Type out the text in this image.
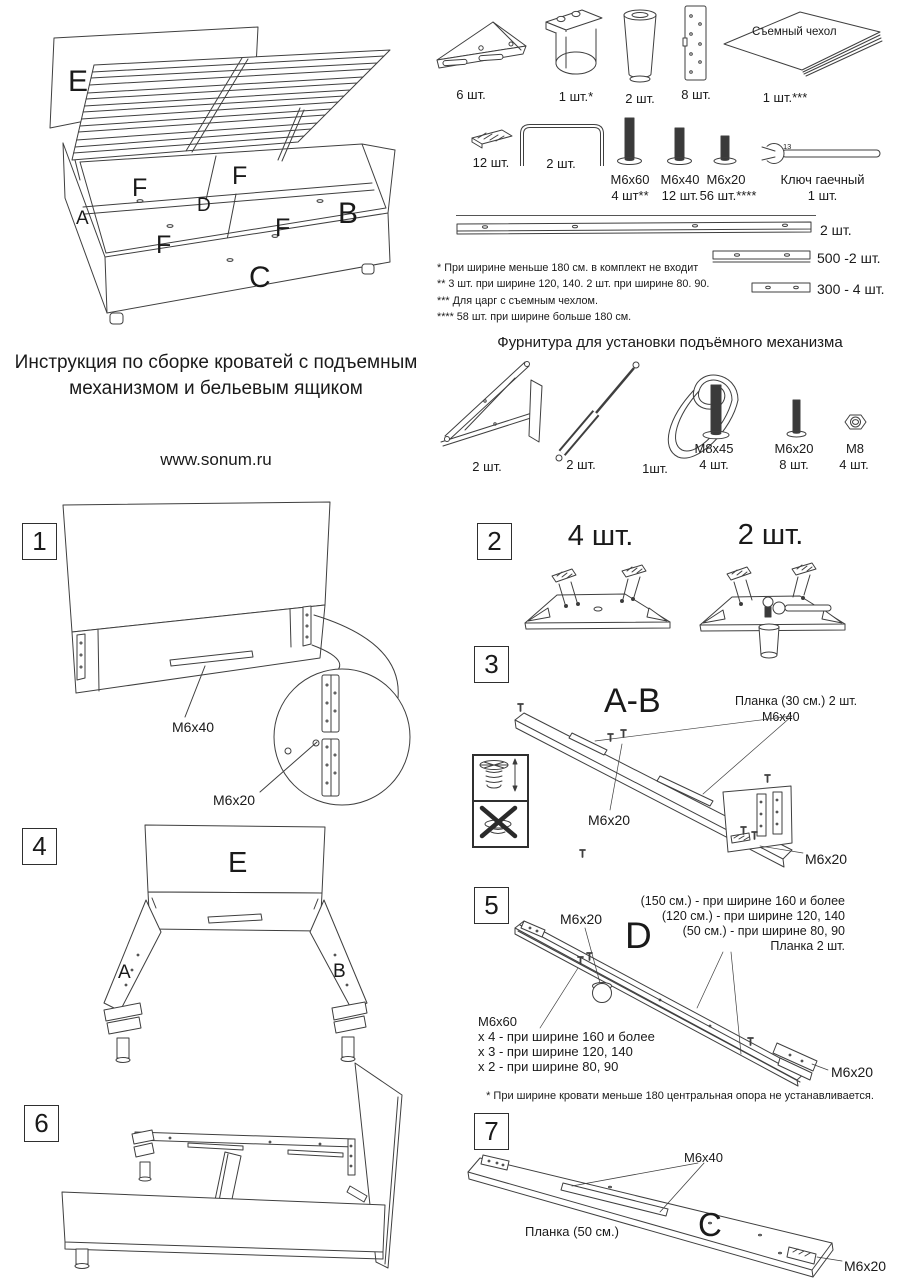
E
F	F
D
A	B
F
F
C
Инструкция по сборке кроватей с подъемным
механизмом и бельевым ящиком
www.sonum.ru
6 шт.	1 шт.*	2 шт.	8 шт.
Съемный чехол
1 шт.***
12 шт.	2 шт.
M6x60
4 шт**
M6x40
12 шт.
M6x20
56 шт.****
13
Ключ гаечный
1 шт.
2 шт.
500 -2 шт.
300 - 4 шт.
* При ширине меньше 180 см. в комплект не входит
** 3 шт. при ширине 120, 140. 2 шт. при ширине 80. 90.
*** Для царг с съемным чехлом.
**** 58 шт. при ширине больше 180 см.
Фурнитура для установки подъёмного механизма
2 шт.	2 шт.	1шт.
M8x45
4 шт.
M6x20
8 шт.
M8
4 шт.
1
M6x40
M6x20
2	4 шт.	2 шт.
3
A-B	Планка (30 см.) 2 шт.
M6x40
M6x20
M6x20
4
E
A	B
5	M6x20 D
(150 см.) - при ширине 160 и более
(120 см.) - при ширине 120, 140
(50 см.) - при ширине 80, 90
Планка 2 шт.
M6x60
х 4 - при ширине 160 и более
х 3 - при ширине 120, 140
х 2 - при ширине 80, 90	M6x20
* При ширине кровати меньше 180 центральная опора не устанавливается.
6	7
M6x40
Планка (50 см.) C
M6x20
